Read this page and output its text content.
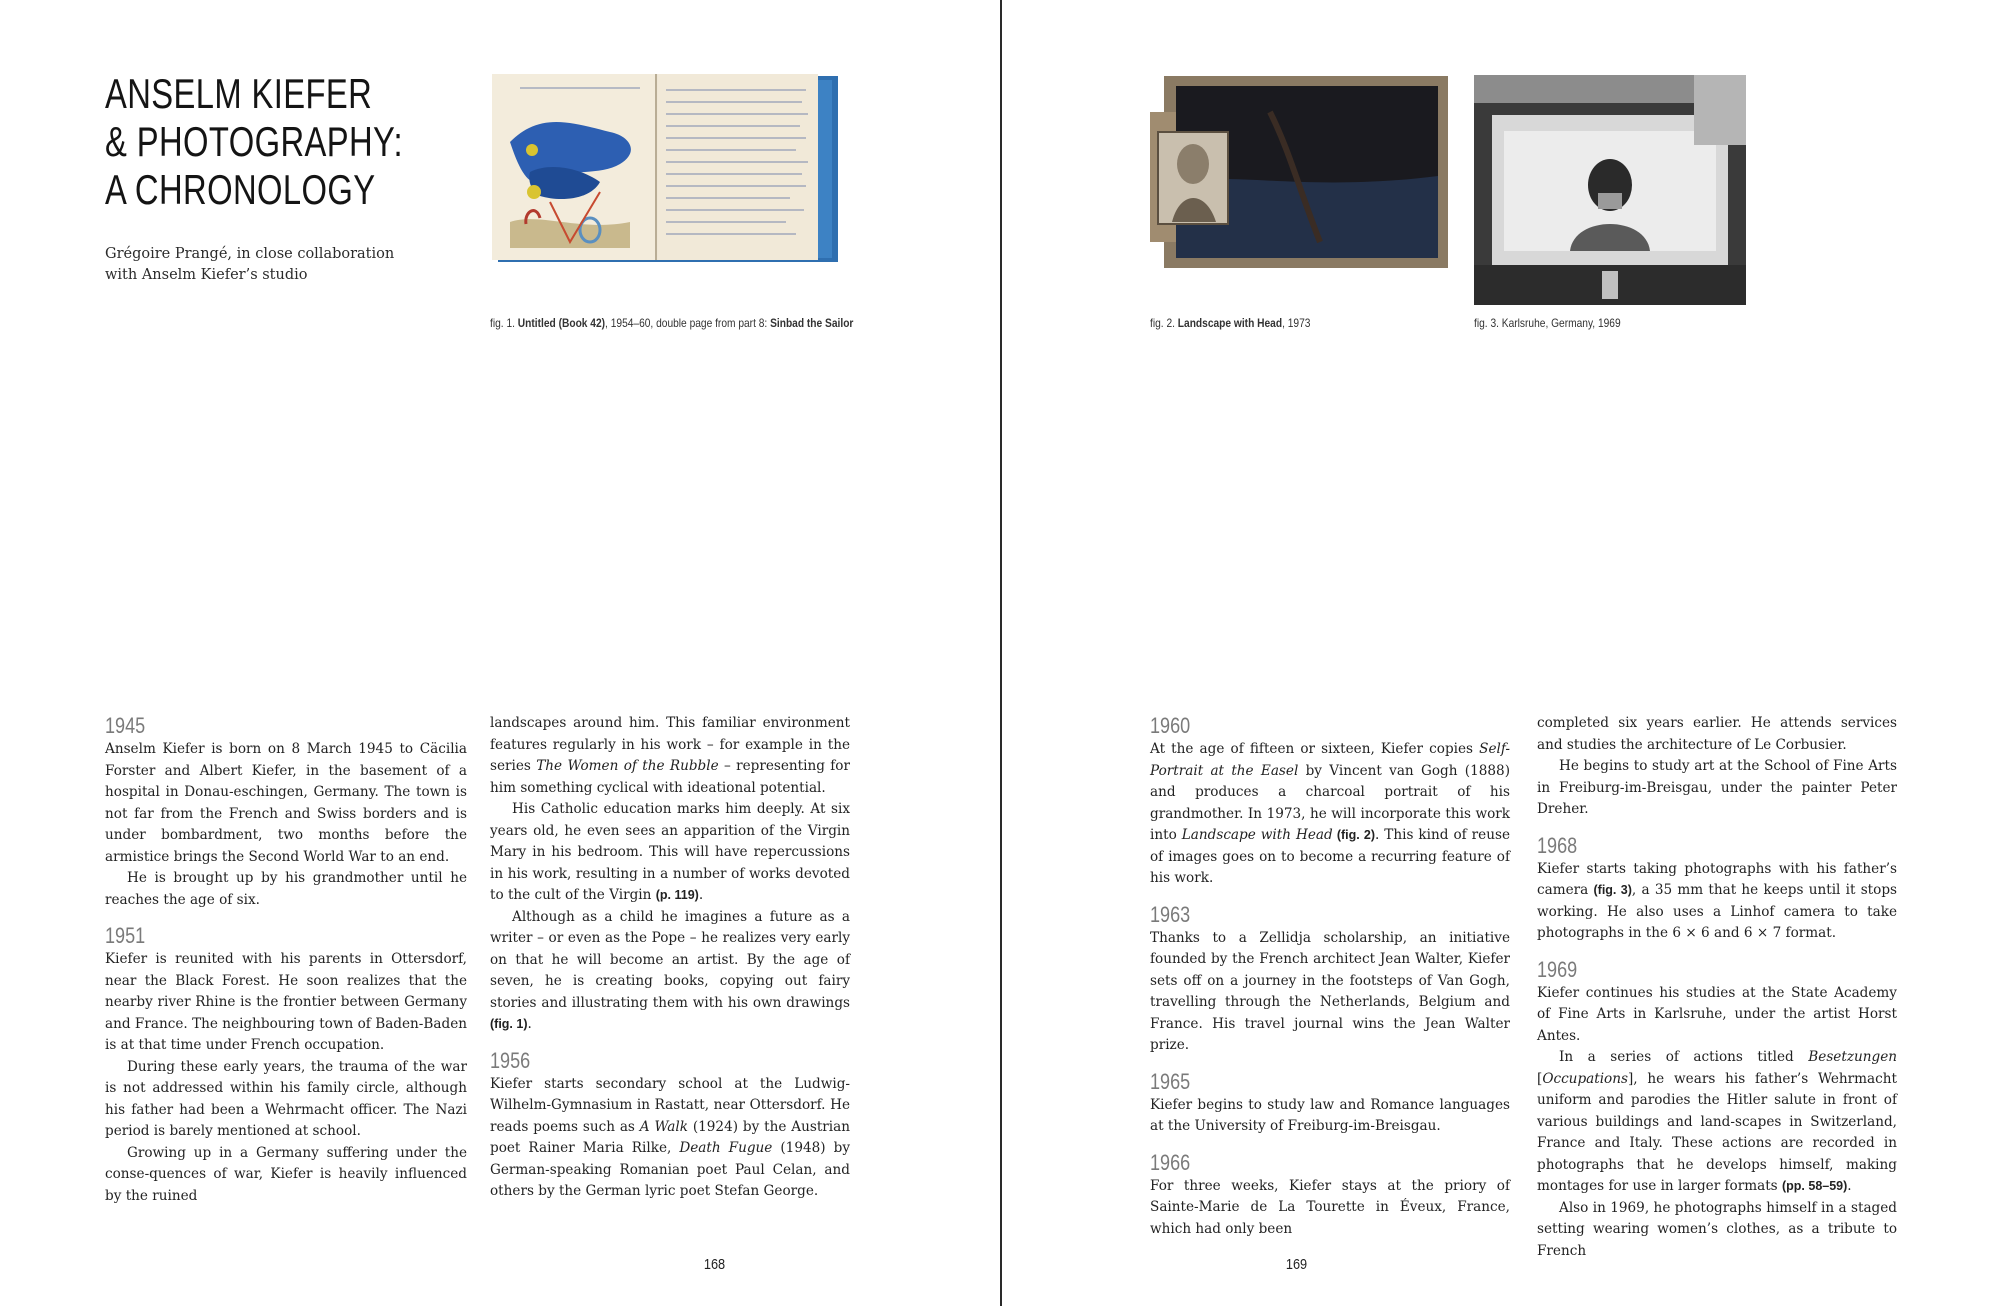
ANSELM KIEFER
& PHOTOGRAPHY:
A CHRONOLOGY
Grégoire Prangé, in close collaboration
with Anselm Kiefer’s studio

fig. 1. Untitled (Book 42), 1954–60, double page from part 8: Sinbad the Sailor

1945

Anselm Kiefer is born on 8 March 1945 to Cäcilia Forster and Albert Kiefer, in the basement of a hospital in Donau-eschingen, Germany. The town is not far from the French and Swiss borders and is under bombardment, two months before the armistice brings the Second World War to an end.

He is brought up by his grandmother until he reaches the age of six.

1951

Kiefer is reunited with his parents in Ottersdorf, near the Black Forest. He soon realizes that the nearby river Rhine is the frontier between Germany and France. The neighbouring town of Baden-Baden is at that time under French occupation.

During these early years, the trauma of the war is not addressed within his family circle, although his father had been a Wehrmacht officer. The Nazi period is barely mentioned at school.

Growing up in a Germany suffering under the conse-quences of war, Kiefer is heavily influenced by the ruined

landscapes around him. This familiar environment features regularly in his work – for example in the series The Women of the Rubble – representing for him something cyclical with ideational potential.

His Catholic education marks him deeply. At six years old, he even sees an apparition of the Virgin Mary in his bedroom. This will have repercussions in his work, resulting in a number of works devoted to the cult of the Virgin (p. 119).

Although as a child he imagines a future as a writer – or even as the Pope – he realizes very early on that he will become an artist. By the age of seven, he is creating books, copying out fairy stories and illustrating them with his own drawings (fig. 1).

1956

Kiefer starts secondary school at the Ludwig-Wilhelm-Gymnasium in Rastatt, near Ottersdorf. He reads poems such as A Walk (1924) by the Austrian poet Rainer Maria Rilke, Death Fugue (1948) by German-speaking Romanian poet Paul Celan, and others by the German lyric poet Stefan George.

168

fig. 2. Landscape with Head, 1973	fig. 3. Karlsruhe, Germany, 1969

1960

At the age of fifteen or sixteen, Kiefer copies Self-Portrait at the Easel by Vincent van Gogh (1888) and produces a charcoal portrait of his grandmother. In 1973, he will incorporate this work into Landscape with Head (fig. 2). This kind of reuse of images goes on to become a recurring feature of his work.

1963

Thanks to a Zellidja scholarship, an initiative founded by the French architect Jean Walter, Kiefer sets off on a journey in the footsteps of Van Gogh, travelling through the Netherlands, Belgium and France. His travel journal wins the Jean Walter prize.

1965

Kiefer begins to study law and Romance languages at the University of Freiburg-im-Breisgau.

1966

For three weeks, Kiefer stays at the priory of Sainte-Marie de La Tourette in Éveux, France, which had only been

completed six years earlier. He attends services and studies the architecture of Le Corbusier.

He begins to study art at the School of Fine Arts in Freiburg-im-Breisgau, under the painter Peter Dreher.

1968

Kiefer starts taking photographs with his father’s camera (fig. 3), a 35 mm that he keeps until it stops working. He also uses a Linhof camera to take photographs in the 6 × 6 and 6 × 7 format.

1969

Kiefer continues his studies at the State Academy of Fine Arts in Karlsruhe, under the artist Horst Antes.

In a series of actions titled Besetzungen [Occupations], he wears his father’s Wehrmacht uniform and parodies the Hitler salute in front of various buildings and land-scapes in Switzerland, France and Italy. These actions are recorded in photographs that he develops himself, making montages for use in larger formats (pp. 58–59).

Also in 1969, he photographs himself in a staged setting wearing women’s clothes, as a tribute to French

169
